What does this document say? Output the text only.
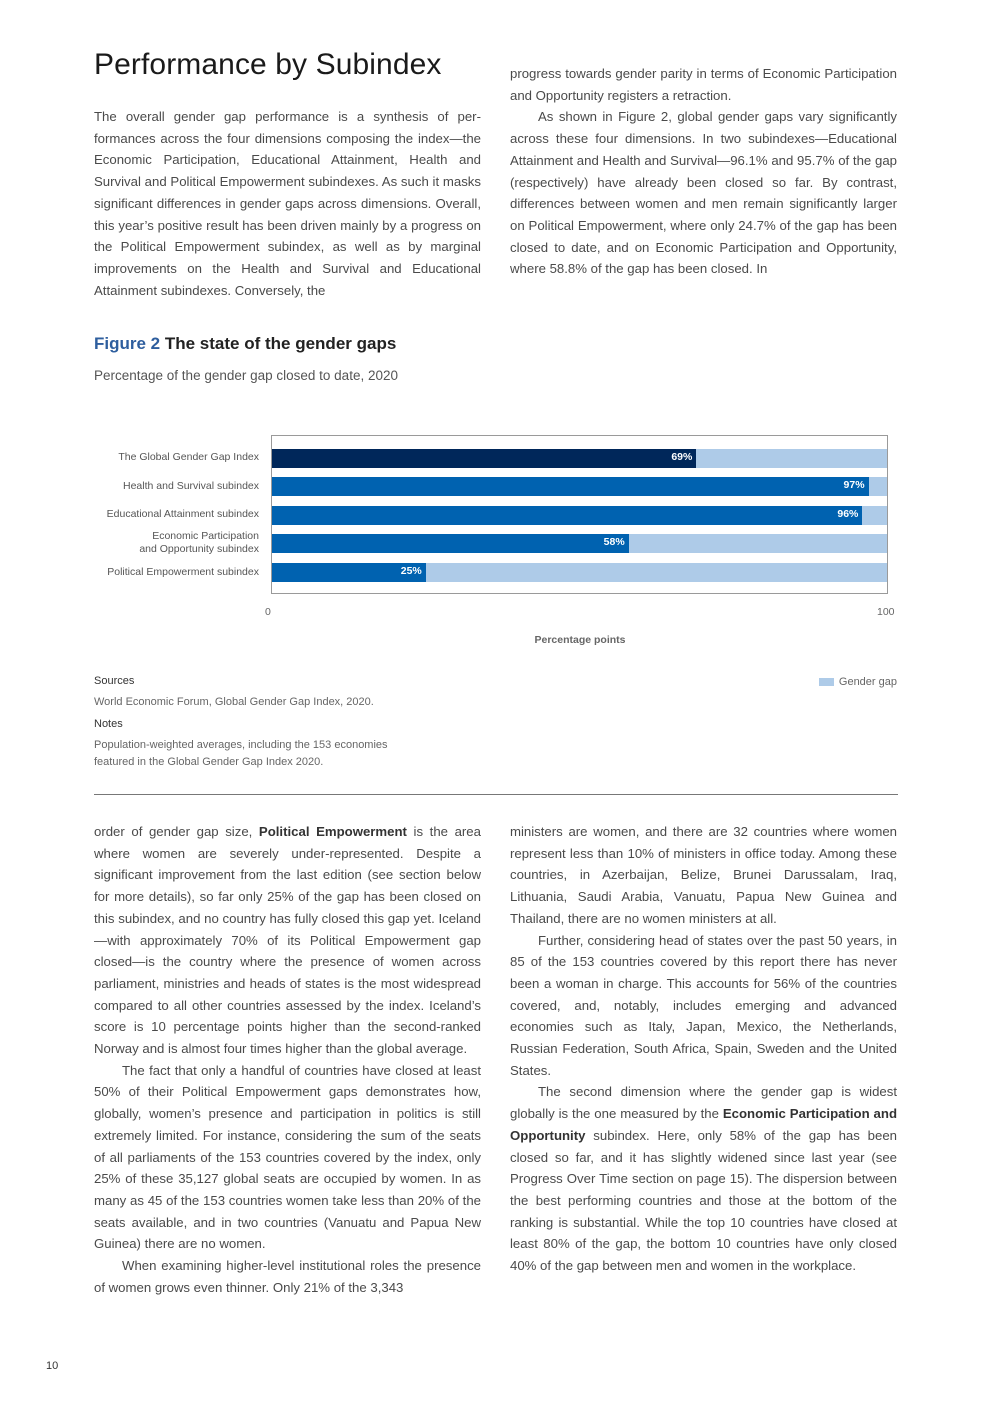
Performance by Subindex

The overall gender gap performance is a synthesis of performances across the four dimensions composing the index—the Economic Participation, Educational Attainment, Health and Survival and Political Empowerment subindexes. As such it masks significant differences in gender gaps across dimensions. Overall, this year’s positive result has been driven mainly by a progress on the Political Empowerment subindex, as well as by marginal improvements on the Health and Survival and Educational Attainment subindexes. Conversely, the

progress towards gender parity in terms of Economic Participation and Opportunity registers a retraction.

As shown in Figure 2, global gender gaps vary significantly across these four dimensions. In two subindexes—Educational Attainment and Health and Survival—96.1% and 95.7% of the gap (respectively) have already been closed so far. By contrast, differences between women and men remain significantly larger on Political Empowerment, where only 24.7% of the gap has been closed to date, and on Economic Participation and Opportunity, where 58.8% of the gap has been closed. In

Figure 2 The state of the gender gaps
Percentage of the gender gap closed to date, 2020
The Global Gender Gap Index
Health and Survival subindex
Educational Attainment subindex
Economic Participation
and Opportunity subindex
Political Empowerment subindex
69%
97%
96%
58%
25%
0	100
Percentage points
Gender gap
Sources
World Economic Forum, Global Gender Gap Index, 2020.
Notes
Population-weighted averages, including the 153 economies
featured in the Global Gender Gap Index 2020.

order of gender gap size, Political Empowerment is the area where women are severely under-represented. Despite a significant improvement from the last edition (see section below for more details), so far only 25% of the gap has been closed on this subindex, and no country has fully closed this gap yet. Iceland—with approximately 70% of its Political Empowerment gap closed—is the country where the presence of women across parliament, ministries and heads of states is the most widespread compared to all other countries assessed by the index. Iceland’s score is 10 percentage points higher than the second-ranked Norway and is almost four times higher than the global average.

The fact that only a handful of countries have closed at least 50% of their Political Empowerment gaps demonstrates how, globally, women’s presence and participation in politics is still extremely limited. For instance, considering the sum of the seats of all parliaments of the 153 countries covered by the index, only 25% of these 35,127 global seats are occupied by women. In as many as 45 of the 153 countries women take less than 20% of the seats available, and in two countries (Vanuatu and Papua New Guinea) there are no women.

When examining higher-level institutional roles the presence of women grows even thinner. Only 21% of the 3,343

ministers are women, and there are 32 countries where women represent less than 10% of ministers in office today. Among these countries, in Azerbaijan, Belize, Brunei Darussalam, Iraq, Lithuania, Saudi Arabia, Vanuatu, Papua New Guinea and Thailand, there are no women ministers at all.

Further, considering head of states over the past 50 years, in 85 of the 153 countries covered by this report there has never been a woman in charge. This accounts for 56% of the countries covered, and, notably, includes emerging and advanced economies such as Italy, Japan, Mexico, the Netherlands, Russian Federation, South Africa, Spain, Sweden and the United States.

The second dimension where the gender gap is widest globally is the one measured by the Economic Participation and Opportunity subindex. Here, only 58% of the gap has been closed so far, and it has slightly widened since last year (see Progress Over Time section on page 15). The dispersion between the best performing countries and those at the bottom of the ranking is substantial. While the top 10 countries have closed at least 80% of the gap, the bottom 10 countries have only closed 40% of the gap between men and women in the workplace.

10
